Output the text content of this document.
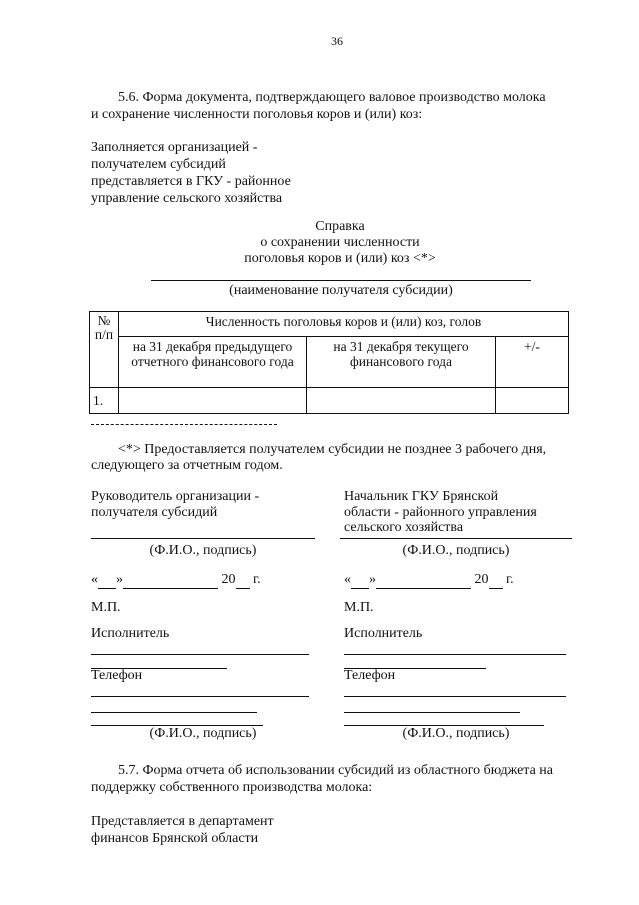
36
5.6. Форма документа, подтверждающего валовое производство молока
и сохранение численности поголовья коров и (или) коз:
Заполняется организацией -
получателем субсидий
представляется в ГКУ - районное
управление сельского хозяйства
Справка
о сохранении численности
поголовья коров и (или) коз <*>
(наименование получателя субсидии)
№ п/п	Численность поголовья коров и (или) коз, голов		
	на 31 декабря предыдущего отчетного финансового года	на 31 декабря текущего финансового года	+/-
1.			
<*> Предоставляется получателем субсидии не позднее 3 рабочего дня,
следующего за отчетным годом.
Руководитель организации -
получателя субсидий
(Ф.И.О., подпись)
« »	20 г.
М.П.
Исполнитель
Телефон
(Ф.И.О., подпись)
Начальник ГКУ Брянской
области - районного управления
сельского хозяйства
(Ф.И.О., подпись)
« »	20 г.
М.П.
Исполнитель
Телефон
(Ф.И.О., подпись)
5.7. Форма отчета об использовании субсидий из областного бюджета на
поддержку собственного производства молока:
Представляется в департамент
финансов Брянской области
